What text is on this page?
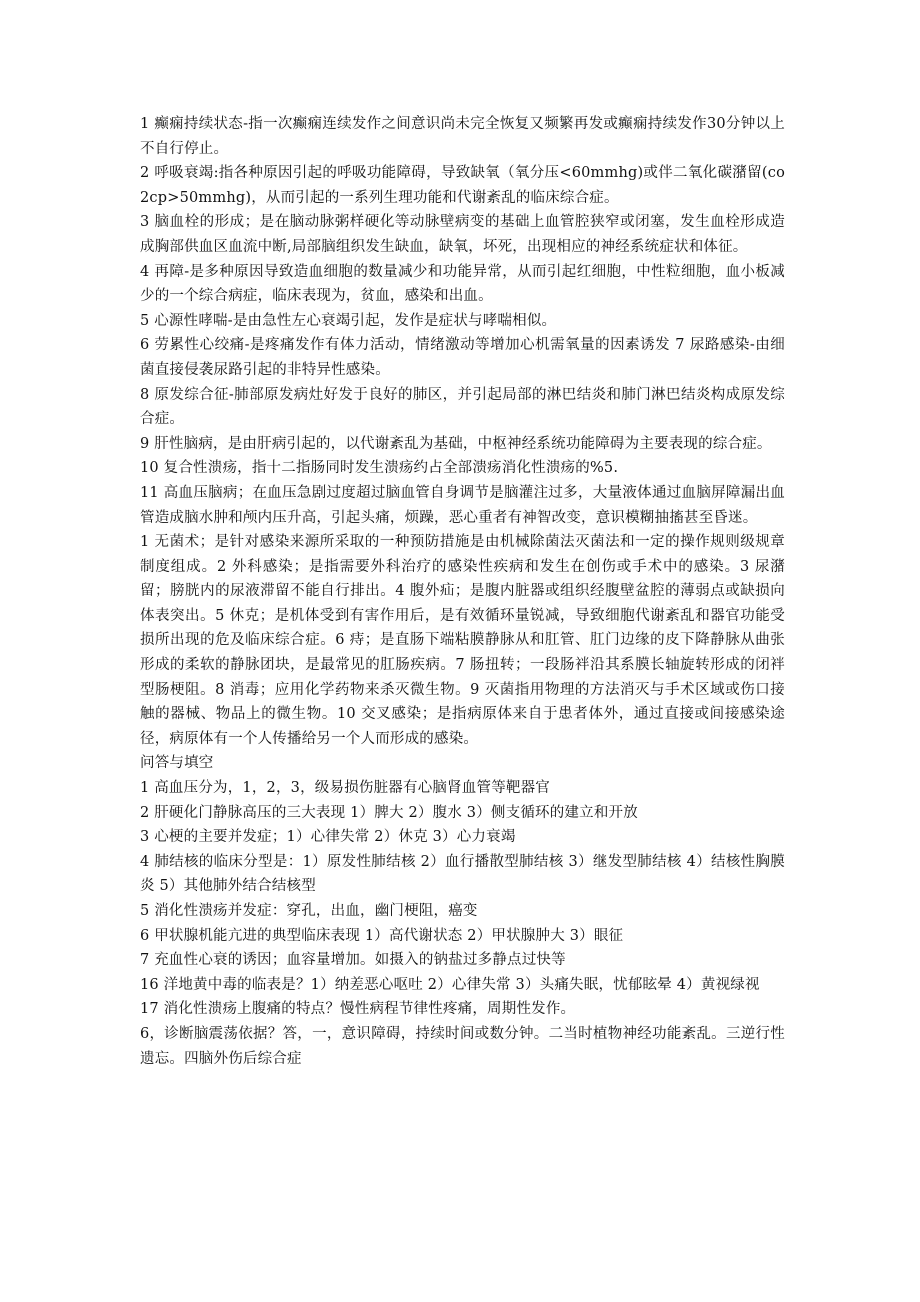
1 癫痫持续状态-指一次癫痫连续发作之间意识尚未完全恢复又频繁再发或癫痫持续发作30分钟以上不自行停止。

2 呼吸衰竭:指各种原因引起的呼吸功能障碍，导致缺氧（氧分压<60mmhg)或伴二氧化碳潴留(co2cp>50mmhg)，从而引起的一系列生理功能和代谢紊乱的临床综合症。

3 脑血栓的形成；是在脑动脉粥样硬化等动脉壁病变的基础上血管腔狭窄或闭塞，发生血栓形成造成胸部供血区血流中断,局部脑组织发生缺血，缺氧，坏死，出现相应的神经系统症状和体征。

4 再障-是多种原因导致造血细胞的数量减少和功能异常，从而引起红细胞，中性粒细胞，血小板减少的一个综合病症，临床表现为，贫血，感染和出血。

5 心源性哮喘-是由急性左心衰竭引起，发作是症状与哮喘相似。

6 劳累性心绞痛-是疼痛发作有体力活动，情绪激动等增加心机需氧量的因素诱发 7 尿路感染-由细菌直接侵袭尿路引起的非特异性感染。

8 原发综合征-肺部原发病灶好发于良好的肺区，并引起局部的淋巴结炎和肺门淋巴结炎构成原发综合症。

9 肝性脑病，是由肝病引起的，以代谢紊乱为基础，中枢神经系统功能障碍为主要表现的综合症。

10 复合性溃疡，指十二指肠同时发生溃疡约占全部溃疡消化性溃疡的%5.

11 高血压脑病；在血压急剧过度超过脑血管自身调节是脑灌注过多，大量液体通过血脑屏障漏出血管造成脑水肿和颅内压升高，引起头痛，烦躁，恶心重者有神智改变，意识模糊抽搐甚至昏迷。

1 无菌术；是针对感染来源所采取的一种预防措施是由机械除菌法灭菌法和一定的操作规则级规章制度组成。2 外科感染；是指需要外科治疗的感染性疾病和发生在创伤或手术中的感染。3 尿潴留；膀胱内的尿液滞留不能自行排出。4 腹外疝；是腹内脏器或组织经腹壁盆腔的薄弱点或缺损向体表突出。5 休克；是机体受到有害作用后，是有效循环量锐减，导致细胞代谢紊乱和器官功能受损所出现的危及临床综合症。6 痔；是直肠下端粘膜静脉从和肛管、肛门边缘的皮下降静脉从曲张形成的柔软的静脉团块，是最常见的肛肠疾病。7 肠扭转；一段肠袢沿其系膜长轴旋转形成的闭袢型肠梗阻。8 消毒；应用化学药物来杀灭微生物。9 灭菌指用物理的方法消灭与手术区域或伤口接触的器械、物品上的微生物。10 交叉感染；是指病原体来自于患者体外，通过直接或间接感染途径，病原体有一个人传播给另一个人而形成的感染。

问答与填空

1 高血压分为，1，2，3，级易损伤脏器有心脑肾血管等靶器官

2 肝硬化门静脉高压的三大表现 1）脾大 2）腹水 3）侧支循环的建立和开放

3 心梗的主要并发症；1）心律失常 2）休克 3）心力衰竭

4 肺结核的临床分型是：1）原发性肺结核 2）血行播散型肺结核 3）继发型肺结核 4）结核性胸膜炎 5）其他肺外结合结核型

5 消化性溃疡并发症：穿孔，出血，幽门梗阻，癌变

6 甲状腺机能亢进的典型临床表现 1）高代谢状态 2）甲状腺肿大 3）眼征

7 充血性心衰的诱因；血容量增加。如摄入的钠盐过多静点过快等

16 洋地黄中毒的临表是？1）纳差恶心呕吐 2）心律失常 3）头痛失眠，忧郁眩晕 4）黄视绿视

17 消化性溃疡上腹痛的特点？慢性病程节律性疼痛，周期性发作。

6，诊断脑震荡依据？答，一，意识障碍，持续时间或数分钟。二当时植物神经功能紊乱。三逆行性遗忘。四脑外伤后综合症
